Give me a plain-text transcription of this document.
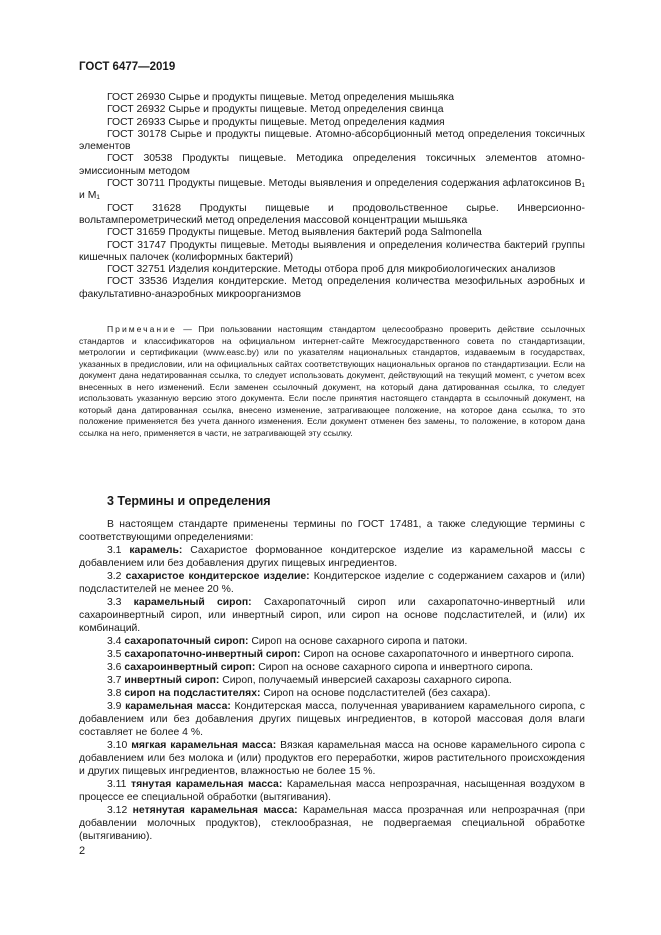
ГОСТ 6477—2019
ГОСТ 26930 Сырье и продукты пищевые. Метод определения мышьяка
ГОСТ 26932 Сырье и продукты пищевые. Метод определения свинца
ГОСТ 26933 Сырье и продукты пищевые. Метод определения кадмия
ГОСТ 30178 Сырье и продукты пищевые. Атомно-абсорбционный метод определения токсичных элементов
ГОСТ 30538 Продукты пищевые. Методика определения токсичных элементов атомно-эмиссионным методом
ГОСТ 30711 Продукты пищевые. Методы выявления и определения содержания афлатоксинов B₁ и M₁
ГОСТ 31628 Продукты пищевые и продовольственное сырье. Инверсионно-вольтамперометрический метод определения массовой концентрации мышьяка
ГОСТ 31659 Продукты пищевые. Метод выявления бактерий рода Salmonella
ГОСТ 31747 Продукты пищевые. Методы выявления и определения количества бактерий группы кишечных палочек (колиформных бактерий)
ГОСТ 32751 Изделия кондитерские. Методы отбора проб для микробиологических анализов
ГОСТ 33536 Изделия кондитерские. Метод определения количества мезофильных аэробных и факультативно-анаэробных микроорганизмов
Примечание — При пользовании настоящим стандартом целесообразно проверить действие ссылочных стандартов и классификаторов на официальном интернет-сайте Межгосударственного совета по стандартизации, метрологии и сертификации (www.easc.by) или по указателям национальных стандартов, издаваемым в государствах, указанных в предисловии, или на официальных сайтах соответствующих национальных органов по стандартизации. Если на документ дана недатированная ссылка, то следует использовать документ, действующий на текущий момент, с учетом всех внесенных в него изменений. Если заменен ссылочный документ, на который дана датированная ссылка, то следует использовать указанную версию этого документа. Если после принятия настоящего стандарта в ссылочный документ, на который дана датированная ссылка, внесено изменение, затрагивающее положение, на которое дана ссылка, то это положение применяется без учета данного изменения. Если документ отменен без замены, то положение, в котором дана ссылка на него, применяется в части, не затрагивающей эту ссылку.
3 Термины и определения
В настоящем стандарте применены термины по ГОСТ 17481, а также следующие термины с соответствующими определениями:
3.1 карамель: Сахаристое формованное кондитерское изделие из карамельной массы с добавлением или без добавления других пищевых ингредиентов.
3.2 сахаристое кондитерское изделие: Кондитерское изделие с содержанием сахаров и (или) подсластителей не менее 20 %.
3.3 карамельный сироп: Сахаропаточный сироп или сахаропаточно-инвертный или сахароинвертный сироп, или инвертный сироп, или сироп на основе подсластителей, и (или) их комбинаций.
3.4 сахаропаточный сироп: Сироп на основе сахарного сиропа и патоки.
3.5 сахаропаточно-инвертный сироп: Сироп на основе сахаропаточного и инвертного сиропа.
3.6 сахароинвертный сироп: Сироп на основе сахарного сиропа и инвертного сиропа.
3.7 инвертный сироп: Сироп, получаемый инверсией сахарозы сахарного сиропа.
3.8 сироп на подсластителях: Сироп на основе подсластителей (без сахара).
3.9 карамельная масса: Кондитерская масса, полученная увариванием карамельного сиропа, с добавлением или без добавления других пищевых ингредиентов, в которой массовая доля влаги составляет не более 4 %.
3.10 мягкая карамельная масса: Вязкая карамельная масса на основе карамельного сиропа с добавлением или без молока и (или) продуктов его переработки, жиров растительного происхождения и других пищевых ингредиентов, влажностью не более 15 %.
3.11 тянутая карамельная масса: Карамельная масса непрозрачная, насыщенная воздухом в процессе ее специальной обработки (вытягивания).
3.12 нетянутая карамельная масса: Карамельная масса прозрачная или непрозрачная (при добавлении молочных продуктов), стеклообразная, не подвергаемая специальной обработке (вытягиванию).
2
